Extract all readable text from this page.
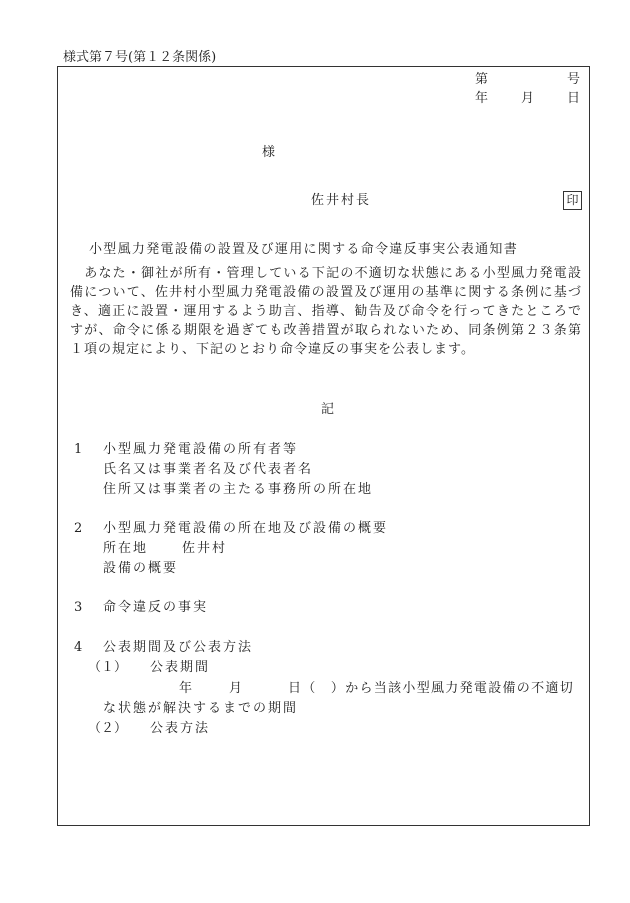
様式第７号(第１２条関係)
第	号
年	月	日
様
佐井村長	印
小型風力発電設備の設置及び運用に関する命令違反事実公表通知書
あなた・御社が所有・管理している下記の不適切な状態にある小型風力発電設備について、佐井村小型風力発電設備の設置及び運用の基準に関する条例に基づき、適正に設置・運用するよう助言、指導、勧告及び命令を行ってきたところですが、命令に係る期限を過ぎても改善措置が取られないため、同条例第２３条第１項の規定により、下記のとおり命令違反の事実を公表します。
記
1 小型風力発電設備の所有者等
氏名又は事業者名及び代表者名
住所又は事業者の主たる事務所の所在地
2 小型風力発電設備の所在地及び設備の概要
所在地	佐井村
設備の概要
3 命令違反の事実
4 公表期間及び公表方法
（１） 公表期間
年	月	日（　）から当該小型風力発電設備の不適切
な状態が解決するまでの期間
（２） 公表方法
